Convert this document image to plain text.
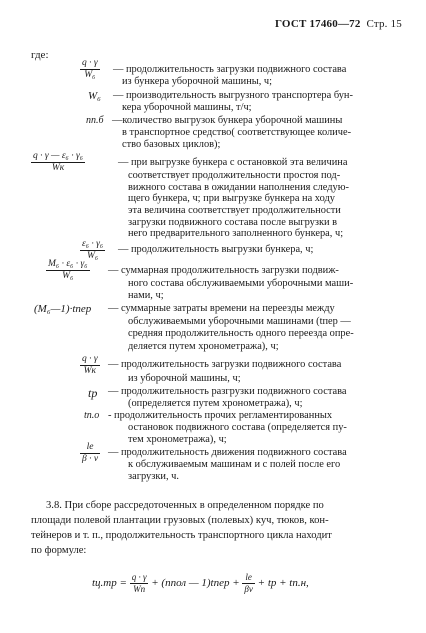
ГОСТ 17460—72 Стр. 15
где:
$\frac{q \cdot \gamma}{\text{W₆}}$ — продолжительность загрузки подвижного состава
из бункера уборочной машины, ч;
W₆ — производительность выгрузного транспортера бун-
кера уборочной машины, т/ч;
nп.б —количество выгрузок бункера уборочной машины
в транспортное средство( соответствующее количе-
ство базовых циклов);
q · γ — ε₆ · γ₆
Wк
— при выгрузке бункера с остановкой эта величина
соответствует продолжительности простоя под-
вижного состава в ожидании наполнения следую-
щего бункера, ч; при выгрузке бункера на ходу
эта величина соответствует продолжительности
загрузки подвижного состава после выгрузки в
него предварительного заполненного бункера, ч;
$\frac{\text{ε₆ · γ₆}}{\text{W₆}}$ — продолжительность выгрузки бункера, ч;
$\frac{\text{M₆ · ε₆ · γ₆}}{\text{W₆}}$ — суммарная продолжительность загрузки подвиж-
ного состава обслуживаемыми уборочными маши-
нами, ч;
(M₆—1)·tпер — суммарные затраты времени на переезды между
обслуживаемыми уборочными машинами (tпер —
средняя продолжительность одного переезда опре-
деляется путем хронометража), ч;
q · γ
Wк
— продолжительность загрузки подвижного состава
из уборочной машины, ч;
tр — продолжительность разгрузки подвижного состава
(определяется путем хронометража), ч;
tп.о - продолжительность прочих регламентированных
остановок подвижного состава (определяется пу-
тем хронометража), ч;
lе
β · v
— продолжительность движения подвижного состава
к обслуживаемым машинам и с полей после его
загрузки, ч.
3.8. При сборе рассредоточенных в определенном порядке по
площади полевой плантации грузовых (полевых) куч, тюков, кон-
тейнеров и т. п., продолжительность транспортного цикла находит
по формуле:
$tц.тр = \frac{q \cdot \gamma}{Wп}$ + (nпол — 1)tпер + $\frac{lе}{\beta v}$ + tр + tп.н,
